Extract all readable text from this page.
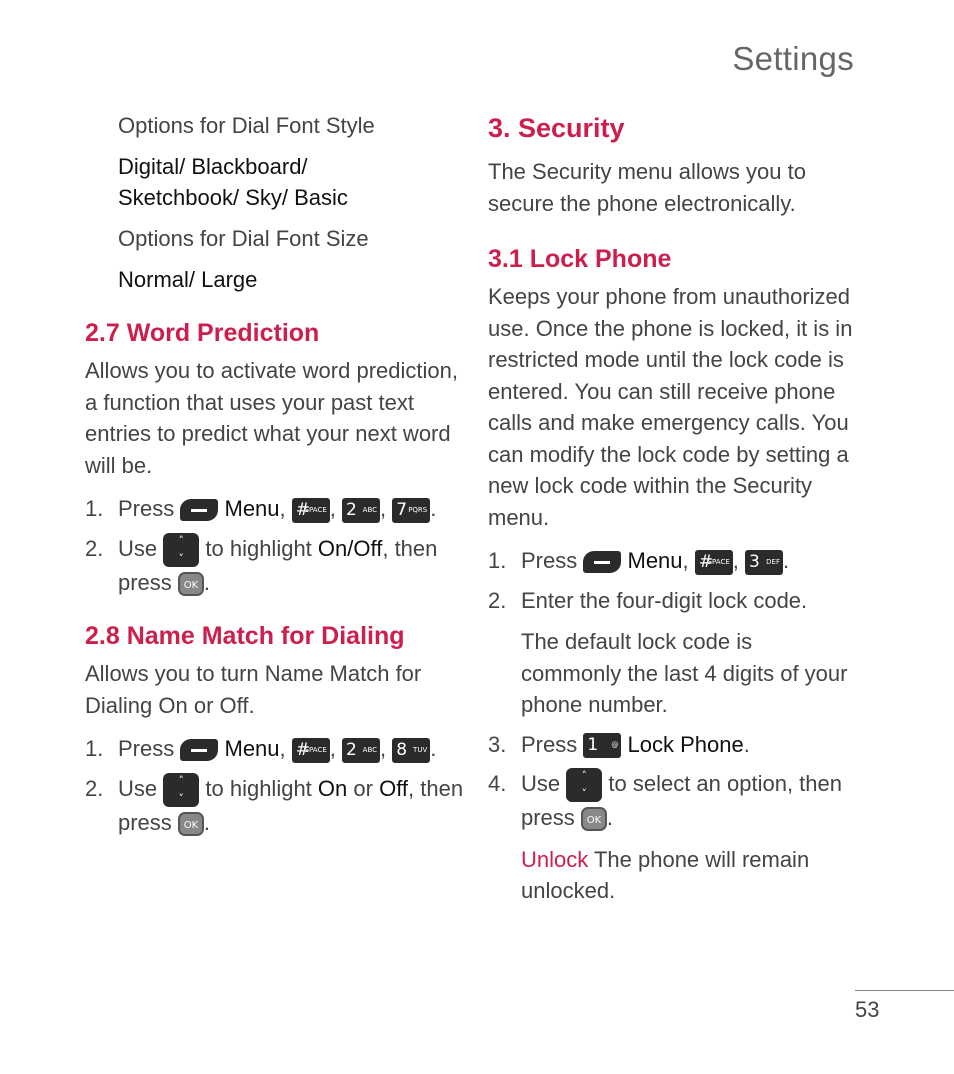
Settings
Options for Dial Font Style
Digital/ Blackboard/ Sketchbook/ Sky/ Basic
Options for Dial Font Size
Normal/ Large
2.7 Word Prediction

Allows you to activate word prediction, a function that uses your past text entries to predict what your next word will be.

1. Press Menu, #
SPACE , 2 ABC , 7 PQRS .
2. Use	˄
˅ to highlight On/Off, then press OK .
2.8 Name Match for Dialing

Allows you to turn Name Match for Dialing On or Off.

1. Press Menu, #
SPACE , 2 ABC , 8 TUV .
2. Use	˄
˅ to highlight On or Off, then press OK .
3. Security

The Security menu allows you to secure the phone electronically.

3.1 Lock Phone

Keeps your phone from unauthorized use. Once the phone is locked, it is in restricted mode until the lock code is entered. You can still receive phone calls and make emergency calls. You can modify the lock code by setting a new lock code within the Security menu.

1. Press Menu, #
SPACE , 3 DEF .
2. Enter the four-digit lock code.

The default lock code is commonly the last 4 digits of your phone number.

3. Press 1 @ Lock Phone.
4. Use	˄
˅ to select an option, then press OK .

Unlock The phone will remain unlocked.

53
